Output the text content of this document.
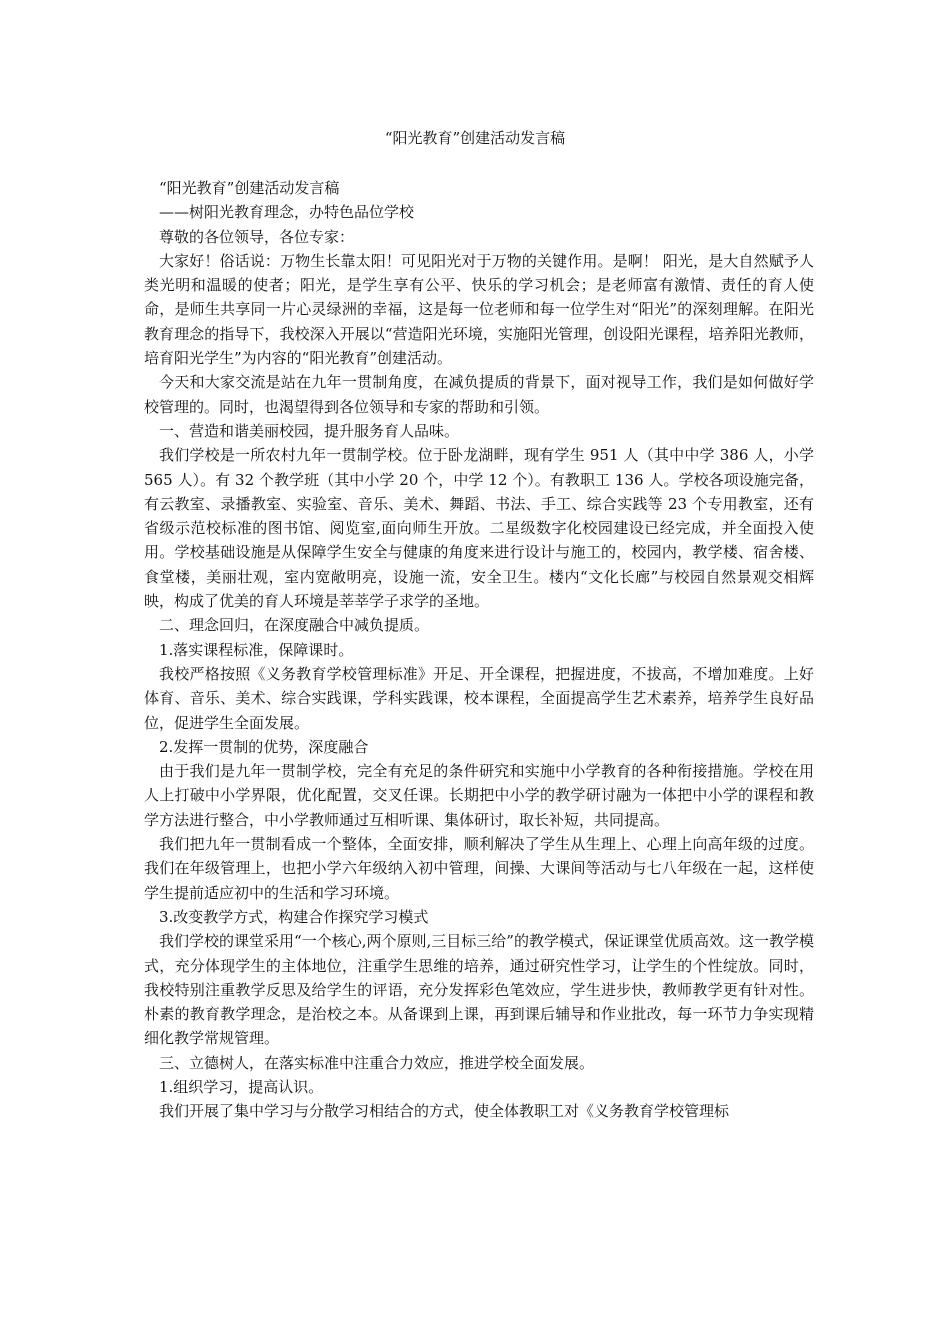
“阳光教育”创建活动发言稿

“阳光教育”创建活动发言稿

——树阳光教育理念，办特色品位学校

尊敬的各位领导，各位专家：

大家好！俗话说：万物生长靠太阳！可见阳光对于万物的关键作用。是啊！ 阳光，是大自然赋予人类光明和温暖的使者；阳光，是学生享有公平、快乐的学习机会；是老师富有激情、责任的育人使命，是师生共享同一片心灵绿洲的幸福，这是每一位老师和每一位学生对“阳光”的深刻理解。在阳光教育理念的指导下，我校深入开展以“营造阳光环境，实施阳光管理，创设阳光课程，培养阳光教师，培育阳光学生”为内容的“阳光教育”创建活动。

今天和大家交流是站在九年一贯制角度，在减负提质的背景下，面对视导工作，我们是如何做好学校管理的。同时，也渴望得到各位领导和专家的帮助和引领。

一、营造和谐美丽校园，提升服务育人品味。

我们学校是一所农村九年一贯制学校。位于卧龙湖畔，现有学生 951 人（其中中学 386 人，小学 565 人）。有 32 个教学班（其中小学 20 个，中学 12 个）。有教职工 136 人。学校各项设施完备，有云教室、录播教室、实验室、音乐、美术、舞蹈、书法、手工、综合实践等 23 个专用教室，还有省级示范校标准的图书馆、阅览室,面向师生开放。二星级数字化校园建设已经完成，并全面投入使用。学校基础设施是从保障学生安全与健康的角度来进行设计与施工的，校园内，教学楼、宿舍楼、食堂楼，美丽壮观，室内宽敞明亮，设施一流，安全卫生。楼内“文化长廊”与校园自然景观交相辉映，构成了优美的育人环境是莘莘学子求学的圣地。

二、理念回归，在深度融合中减负提质。

1.落实课程标准，保障课时。

我校严格按照《义务教育学校管理标准》开足、开全课程，把握进度，不拔高，不增加难度。上好体育、音乐、美术、综合实践课，学科实践课，校本课程，全面提高学生艺术素养，培养学生良好品位，促进学生全面发展。

2.发挥一贯制的优势，深度融合

由于我们是九年一贯制学校，完全有充足的条件研究和实施中小学教育的各种衔接措施。学校在用人上打破中小学界限，优化配置，交叉任课。长期把中小学的教学研讨融为一体把中小学的课程和教学方法进行整合，中小学教师通过互相听课、集体研讨，取长补短，共同提高。

我们把九年一贯制看成一个整体，全面安排，顺利解决了学生从生理上、心理上向高年级的过度。我们在年级管理上，也把小学六年级纳入初中管理，间操、大课间等活动与七八年级在一起，这样使学生提前适应初中的生活和学习环境。

3.改变教学方式，构建合作探究学习模式

我们学校的课堂采用“一个核心,两个原则,三目标三给”的教学模式，保证课堂优质高效。这一教学模式，充分体现学生的主体地位，注重学生思维的培养，通过研究性学习，让学生的个性绽放。同时，我校特别注重教学反思及给学生的评语，充分发挥彩色笔效应，学生进步快，教师教学更有针对性。朴素的教育教学理念，是治校之本。从备课到上课，再到课后辅导和作业批改，每一环节力争实现精细化教学常规管理。

三、立德树人，在落实标准中注重合力效应，推进学校全面发展。

1.组织学习，提高认识。

我们开展了集中学习与分散学习相结合的方式，使全体教职工对《义务教育学校管理标
